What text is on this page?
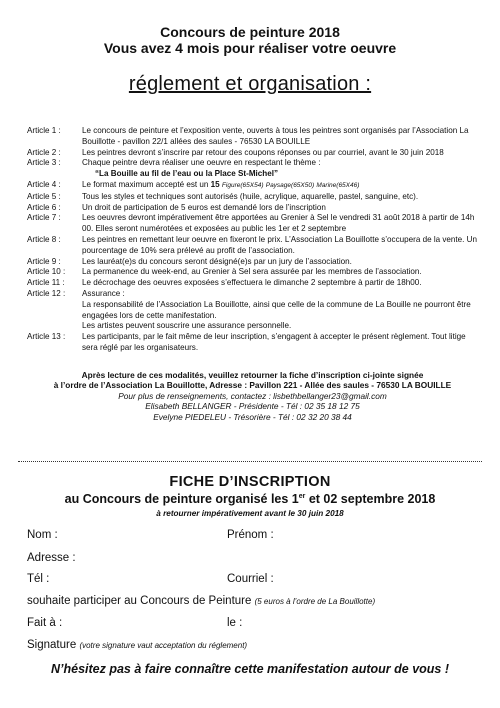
Concours de peinture 2018
Vous avez 4 mois pour réaliser votre oeuvre
réglement et organisation :
Article 1 :	Le concours de peinture et l’exposition vente, ouverts à tous les peintres sont organisés par l’Association La Bouillotte - pavillon 22/1 allées des saules - 76530 LA BOUILLE
Article 2 :	Les peintres devront s’inscrire par retour des coupons réponses ou par courriel, avant le 30 juin 2018
Article 3 :	Chaque peintre devra réaliser une oeuvre en respectant le thème :
“La Bouille au fil de l’eau ou la Place St-Michel”
Article 4 :	Le format maximum accepté est un 15 Figure(65X54) Paysage(65X50) Marine(65X46)
Article 5 :	Tous les styles et techniques sont autorisés (huile, acrylique, aquarelle, pastel, sanguine, etc).
Article 6 :	Un droit de participation de 5 euros est demandé lors de l’inscription
Article 7 :	Les oeuvres devront impérativement être apportées au Grenier à Sel le vendredi 31 août 2018 à partir de 14h 00. Elles seront numérotées et exposées au public les 1er et 2 septembre
Article 8 :	Les peintres en remettant leur oeuvre en fixeront le prix. L’Association La Bouillotte s’occupera de la vente. Un pourcentage de 10% sera prélevé au profit de l’association.
Article 9 :	Les lauréat(e)s du concours seront désigné(e)s par un jury de l’association.
Article 10 :	La permanence du week-end, au Grenier à Sel sera assurée par les membres de l’association.
Article 11 :	Le décrochage des oeuvres exposées s’effectuera le dimanche 2 septembre à partir de 18h00.
Article 12 :	Assurance :
La responsabilité de l’Association La Bouillotte, ainsi que celle de la commune de La Bouille ne pourront être engagées lors de cette manifestation.
Les artistes peuvent souscrire une assurance personnelle.
Article 13 :	Les participants, par le fait même de leur inscription, s’engagent à accepter le présent règlement. Tout litige sera réglé par les organisateurs.
Après lecture de ces modalités, veuillez retourner la fiche d’inscription ci-jointe signée
à l’ordre de l’Association La Bouillotte, Adresse : Pavillon 221 - Allée des saules - 76530 LA BOUILLE
Pour plus de renseignements, contactez : lisbethbellanger23@gmail.com
Elisabeth BELLANGER - Présidente - Tél : 02 35 18 12 75
Evelyne PIEDELEU - Trésorière - Tél : 02 32 20 38 44
FICHE D’INSCRIPTION
au Concours de peinture organisé les 1er et 02 septembre 2018
à retourner impérativement avant le 30 juin 2018
Nom :	Prénom :
Adresse :
Tél :	Courriel :
souhaite participer au Concours de Peinture (5 euros à l’ordre de La Bouillotte)
Fait à :	le :
Signature (votre signature vaut acceptation du réglement)
N’hésitez pas à faire connaître cette manifestation autour de vous !
